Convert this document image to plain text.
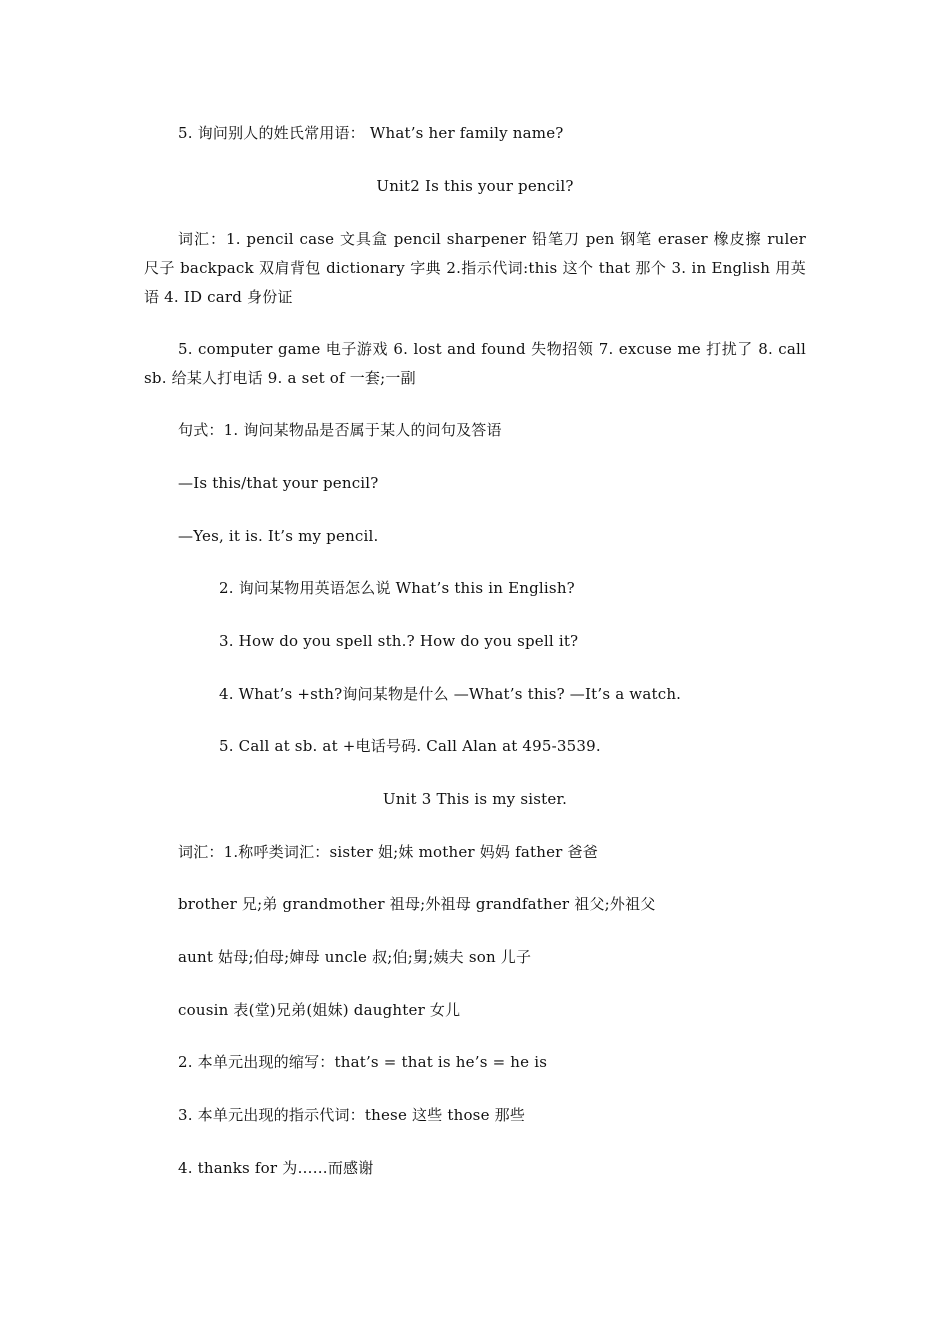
5. 询问别人的姓氏常用语： What’s her family name?
Unit2 Is this your pencil?
词汇：1. pencil case 文具盒 pencil sharpener 铅笔刀 pen 钢笔 eraser 橡皮擦 ruler 尺子 backpack 双肩背包 dictionary 字典 2.指示代词:this 这个 that 那个 3. in English 用英语 4. ID card 身份证
5. computer game 电子游戏 6. lost and found 失物招领 7. excuse me 打扰了 8. call sb. 给某人打电话 9. a set of 一套;一副
句式：1. 询问某物品是否属于某人的问句及答语
—Is this/that your pencil?
—Yes, it is. It’s my pencil.
2. 询问某物用英语怎么说 What’s this in English?
3. How do you spell sth.? How do you spell it?
4. What’s +sth?询问某物是什么 —What’s this? —It’s a watch.
5. Call at sb. at +电话号码. Call Alan at 495-3539.
Unit 3 This is my sister.
词汇：1.称呼类词汇：sister 姐;妹 mother 妈妈 father 爸爸
brother 兄;弟 grandmother 祖母;外祖母 grandfather 祖父;外祖父
aunt 姑母;伯母;婶母 uncle 叔;伯;舅;姨夫 son 儿子
cousin 表(堂)兄弟(姐妹) daughter 女儿
2. 本单元出现的缩写：that’s = that is he’s = he is
3. 本单元出现的指示代词：these 这些 those 那些
4. thanks for 为……而感谢
